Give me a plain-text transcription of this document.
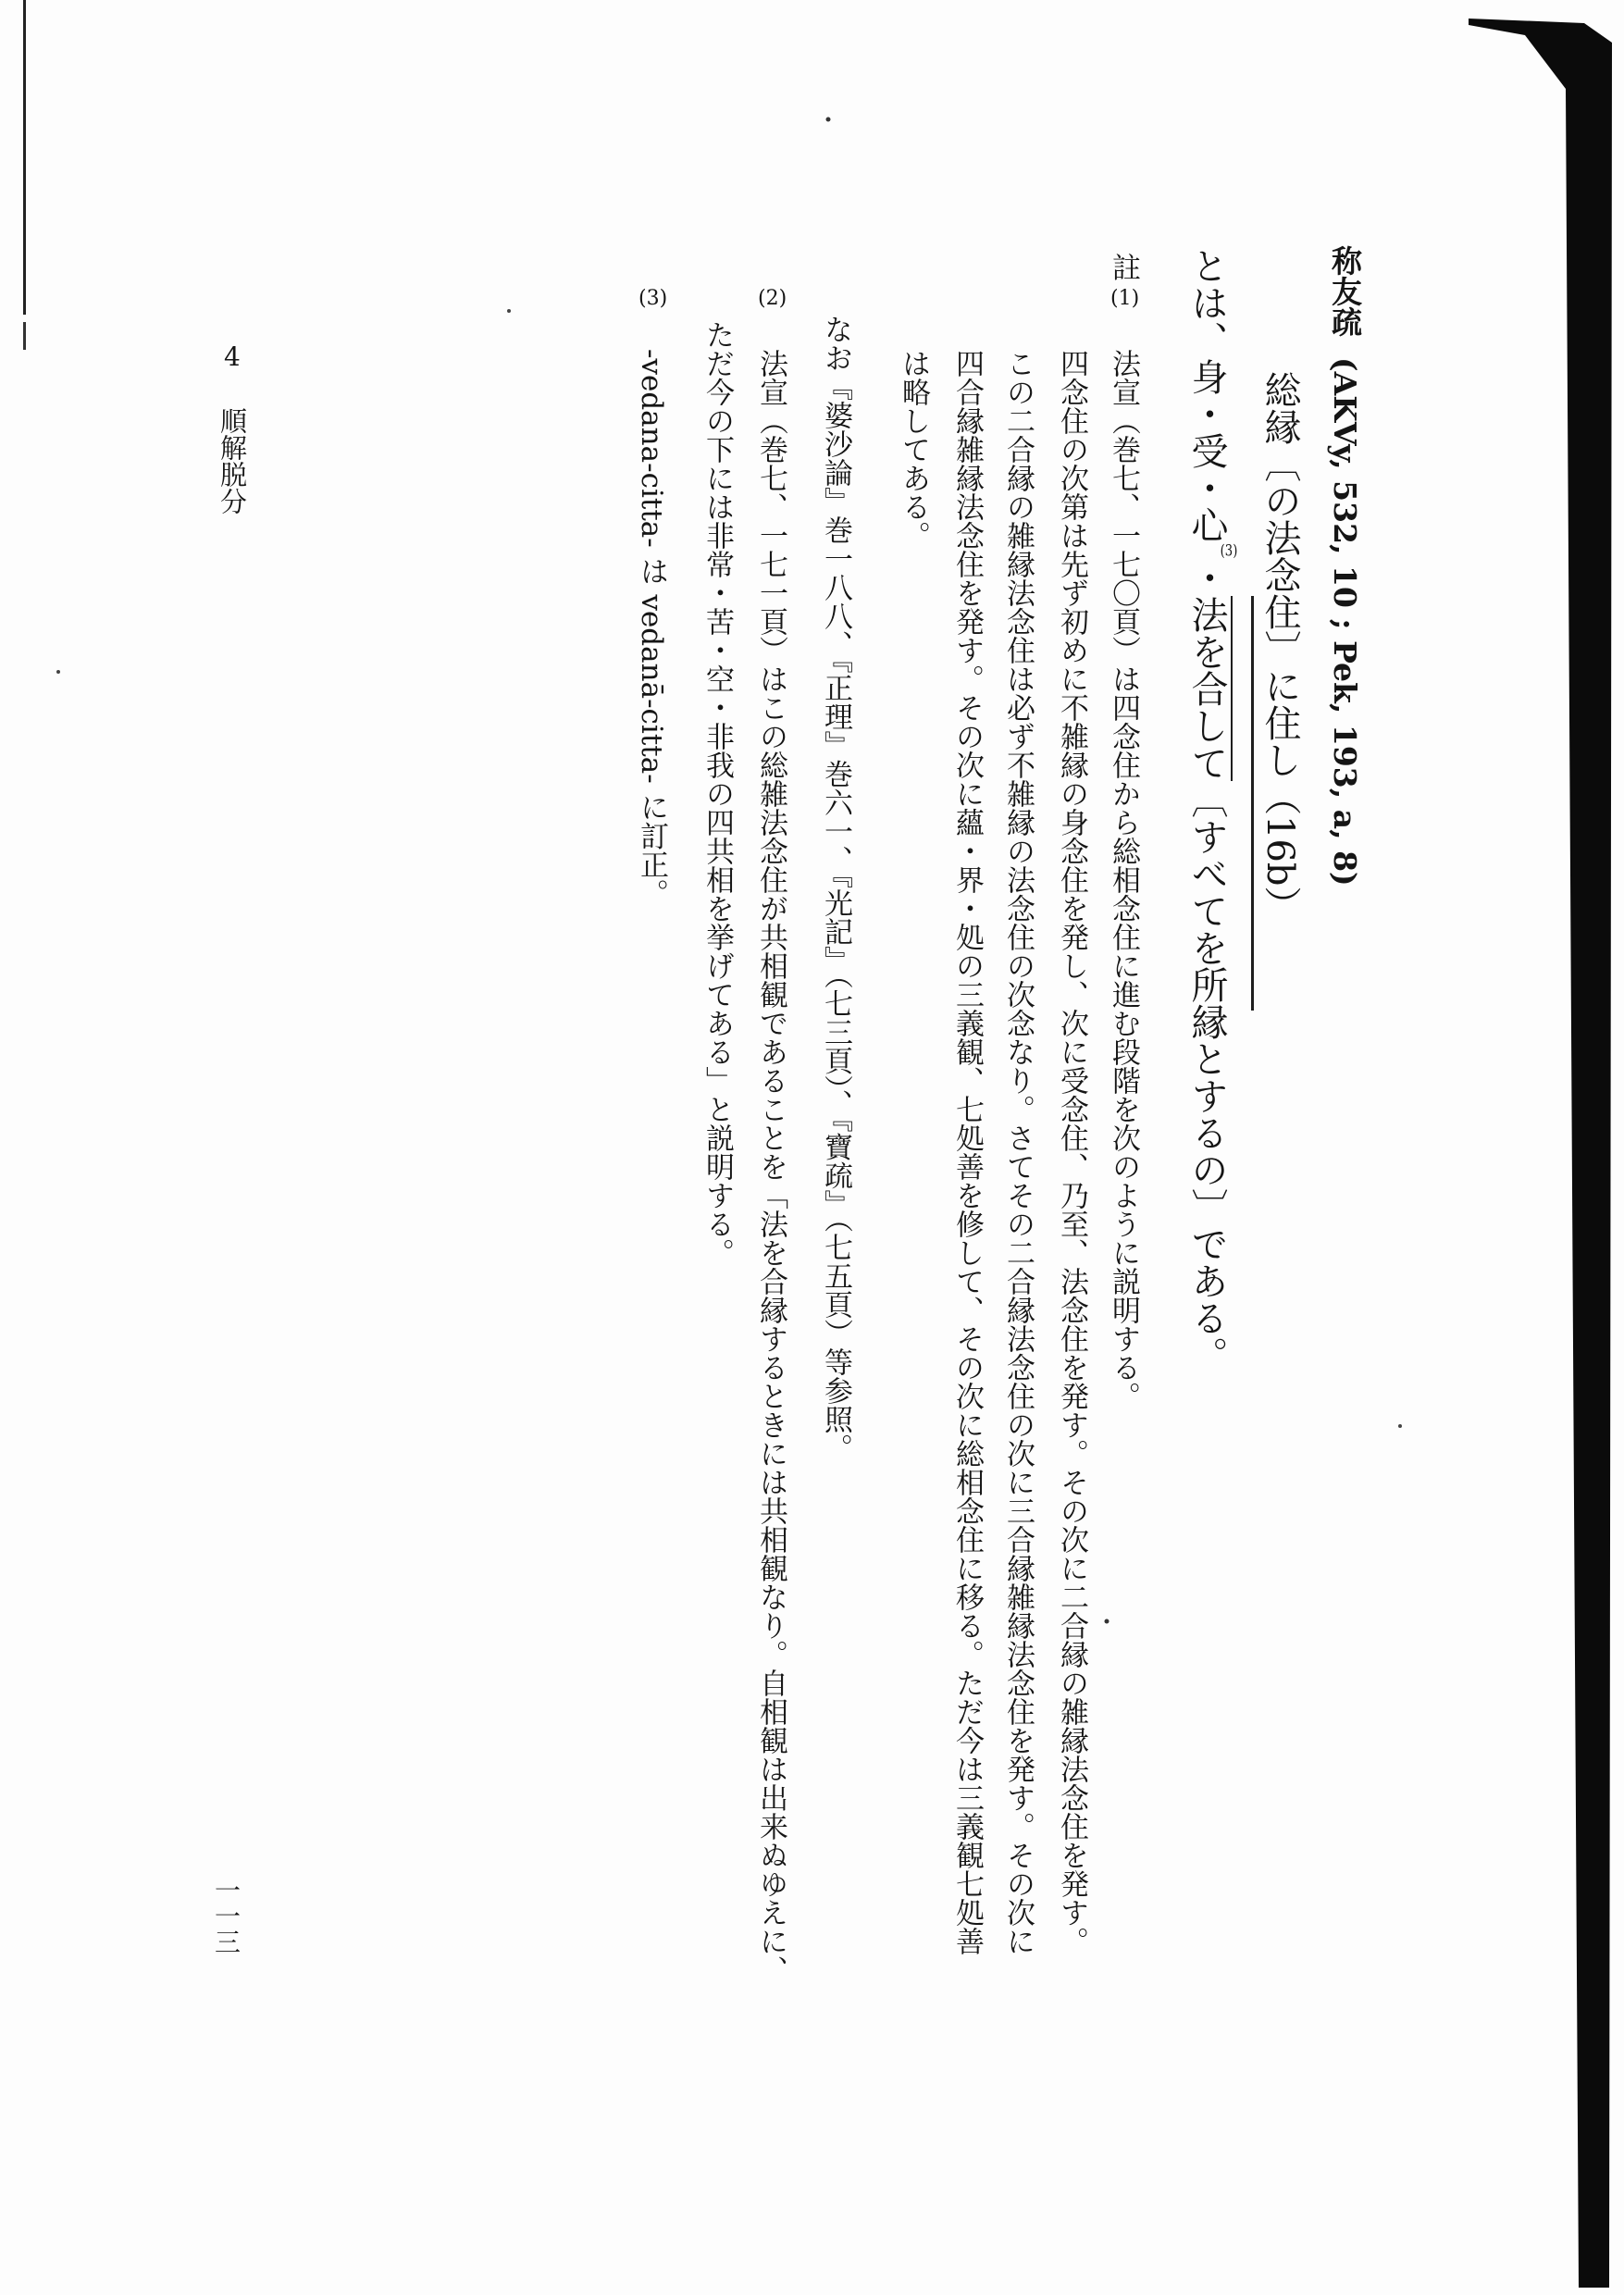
称友疏(AKVy, 532, 10 ; Pek, 193, a, 8)
総縁〔の法念住〕に住し（16b）
とは、身・受・心(3)・法を合して〔すべてを所縁とするの〕である。
註
(1)
法宣（巻七、一七〇頁）は四念住から総相念住に進む段階を次のように説明する。
四念住の次第は先ず初めに不雑縁の身念住を発し、次に受念住、乃至、法念住を発す。その次に二合縁の雑縁法念住を発す。
この二合縁の雑縁法念住は必ず不雑縁の法念住の次念なり。さてその二合縁法念住の次に三合縁雑縁法念住を発す。その次に
四合縁雑縁法念住を発す。その次に蘊・界・処の三義観、七処善を修して、その次に総相念住に移る。ただ今は三義観七処善
は略してある。
なお『婆沙論』巻一八八、『正理』巻六一、『光記』（七三頁）、『寶疏』（七五頁）等参照。
(2)
法宣（巻七、一七一頁）はこの総雑法念住が共相観であることを「法を合縁するときには共相観なり。自相観は出来ぬゆえに、
ただ今の下には非常・苦・空・非我の四共相を挙げてある」と説明する。
(3)
-vedana-citta- は vedanā-citta- に訂正。
4
順解脱分
一一三
